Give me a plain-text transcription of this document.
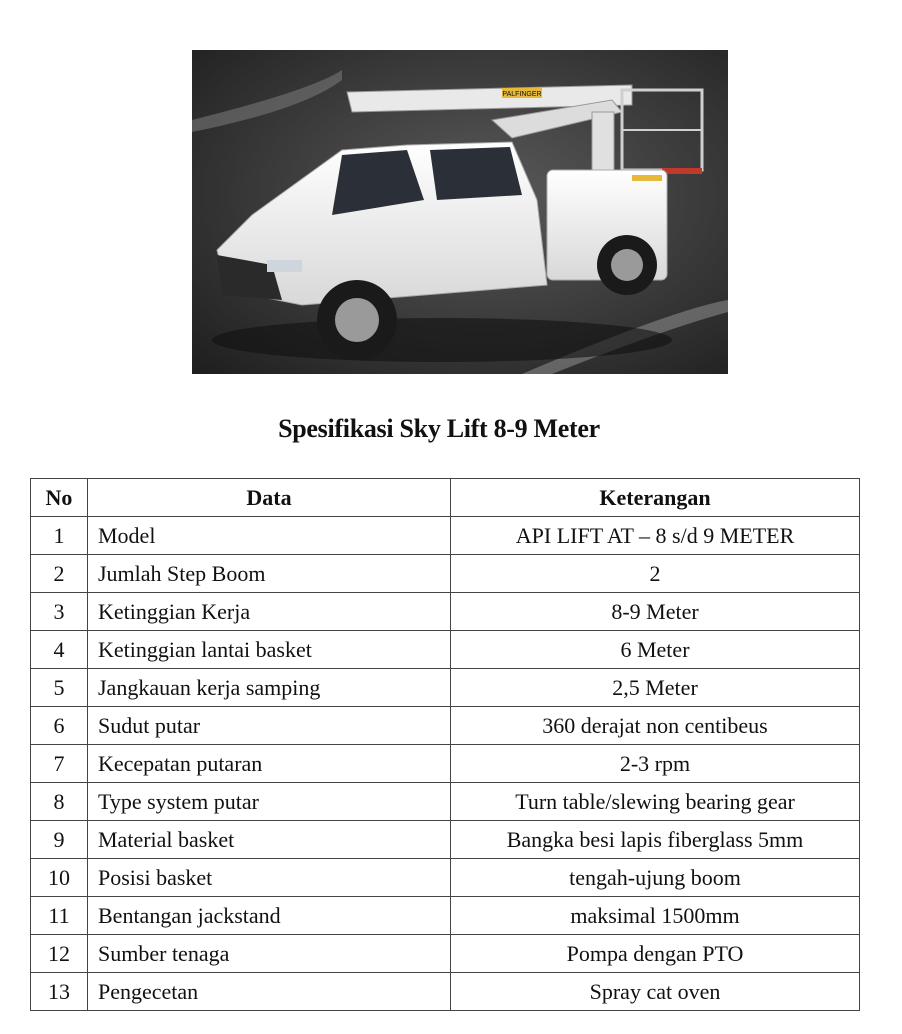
PALFINGER
Spesifikasi Sky Lift 8-9 Meter
No	Data	Keterangan
1	Model	API LIFT AT – 8 s/d 9 METER
2	Jumlah Step Boom	2
3	Ketinggian Kerja	8-9 Meter
4	Ketinggian lantai basket	6 Meter
5	Jangkauan kerja samping	2,5 Meter
6	Sudut putar	360 derajat non centibeus
7	Kecepatan putaran	2-3 rpm
8	Type system putar	Turn table/slewing bearing gear
9	Material basket	Bangka besi lapis fiberglass 5mm
10	Posisi basket	tengah-ujung boom
11	Bentangan jackstand	maksimal 1500mm
12	Sumber tenaga	Pompa dengan PTO
13	Pengecetan	Spray cat oven
